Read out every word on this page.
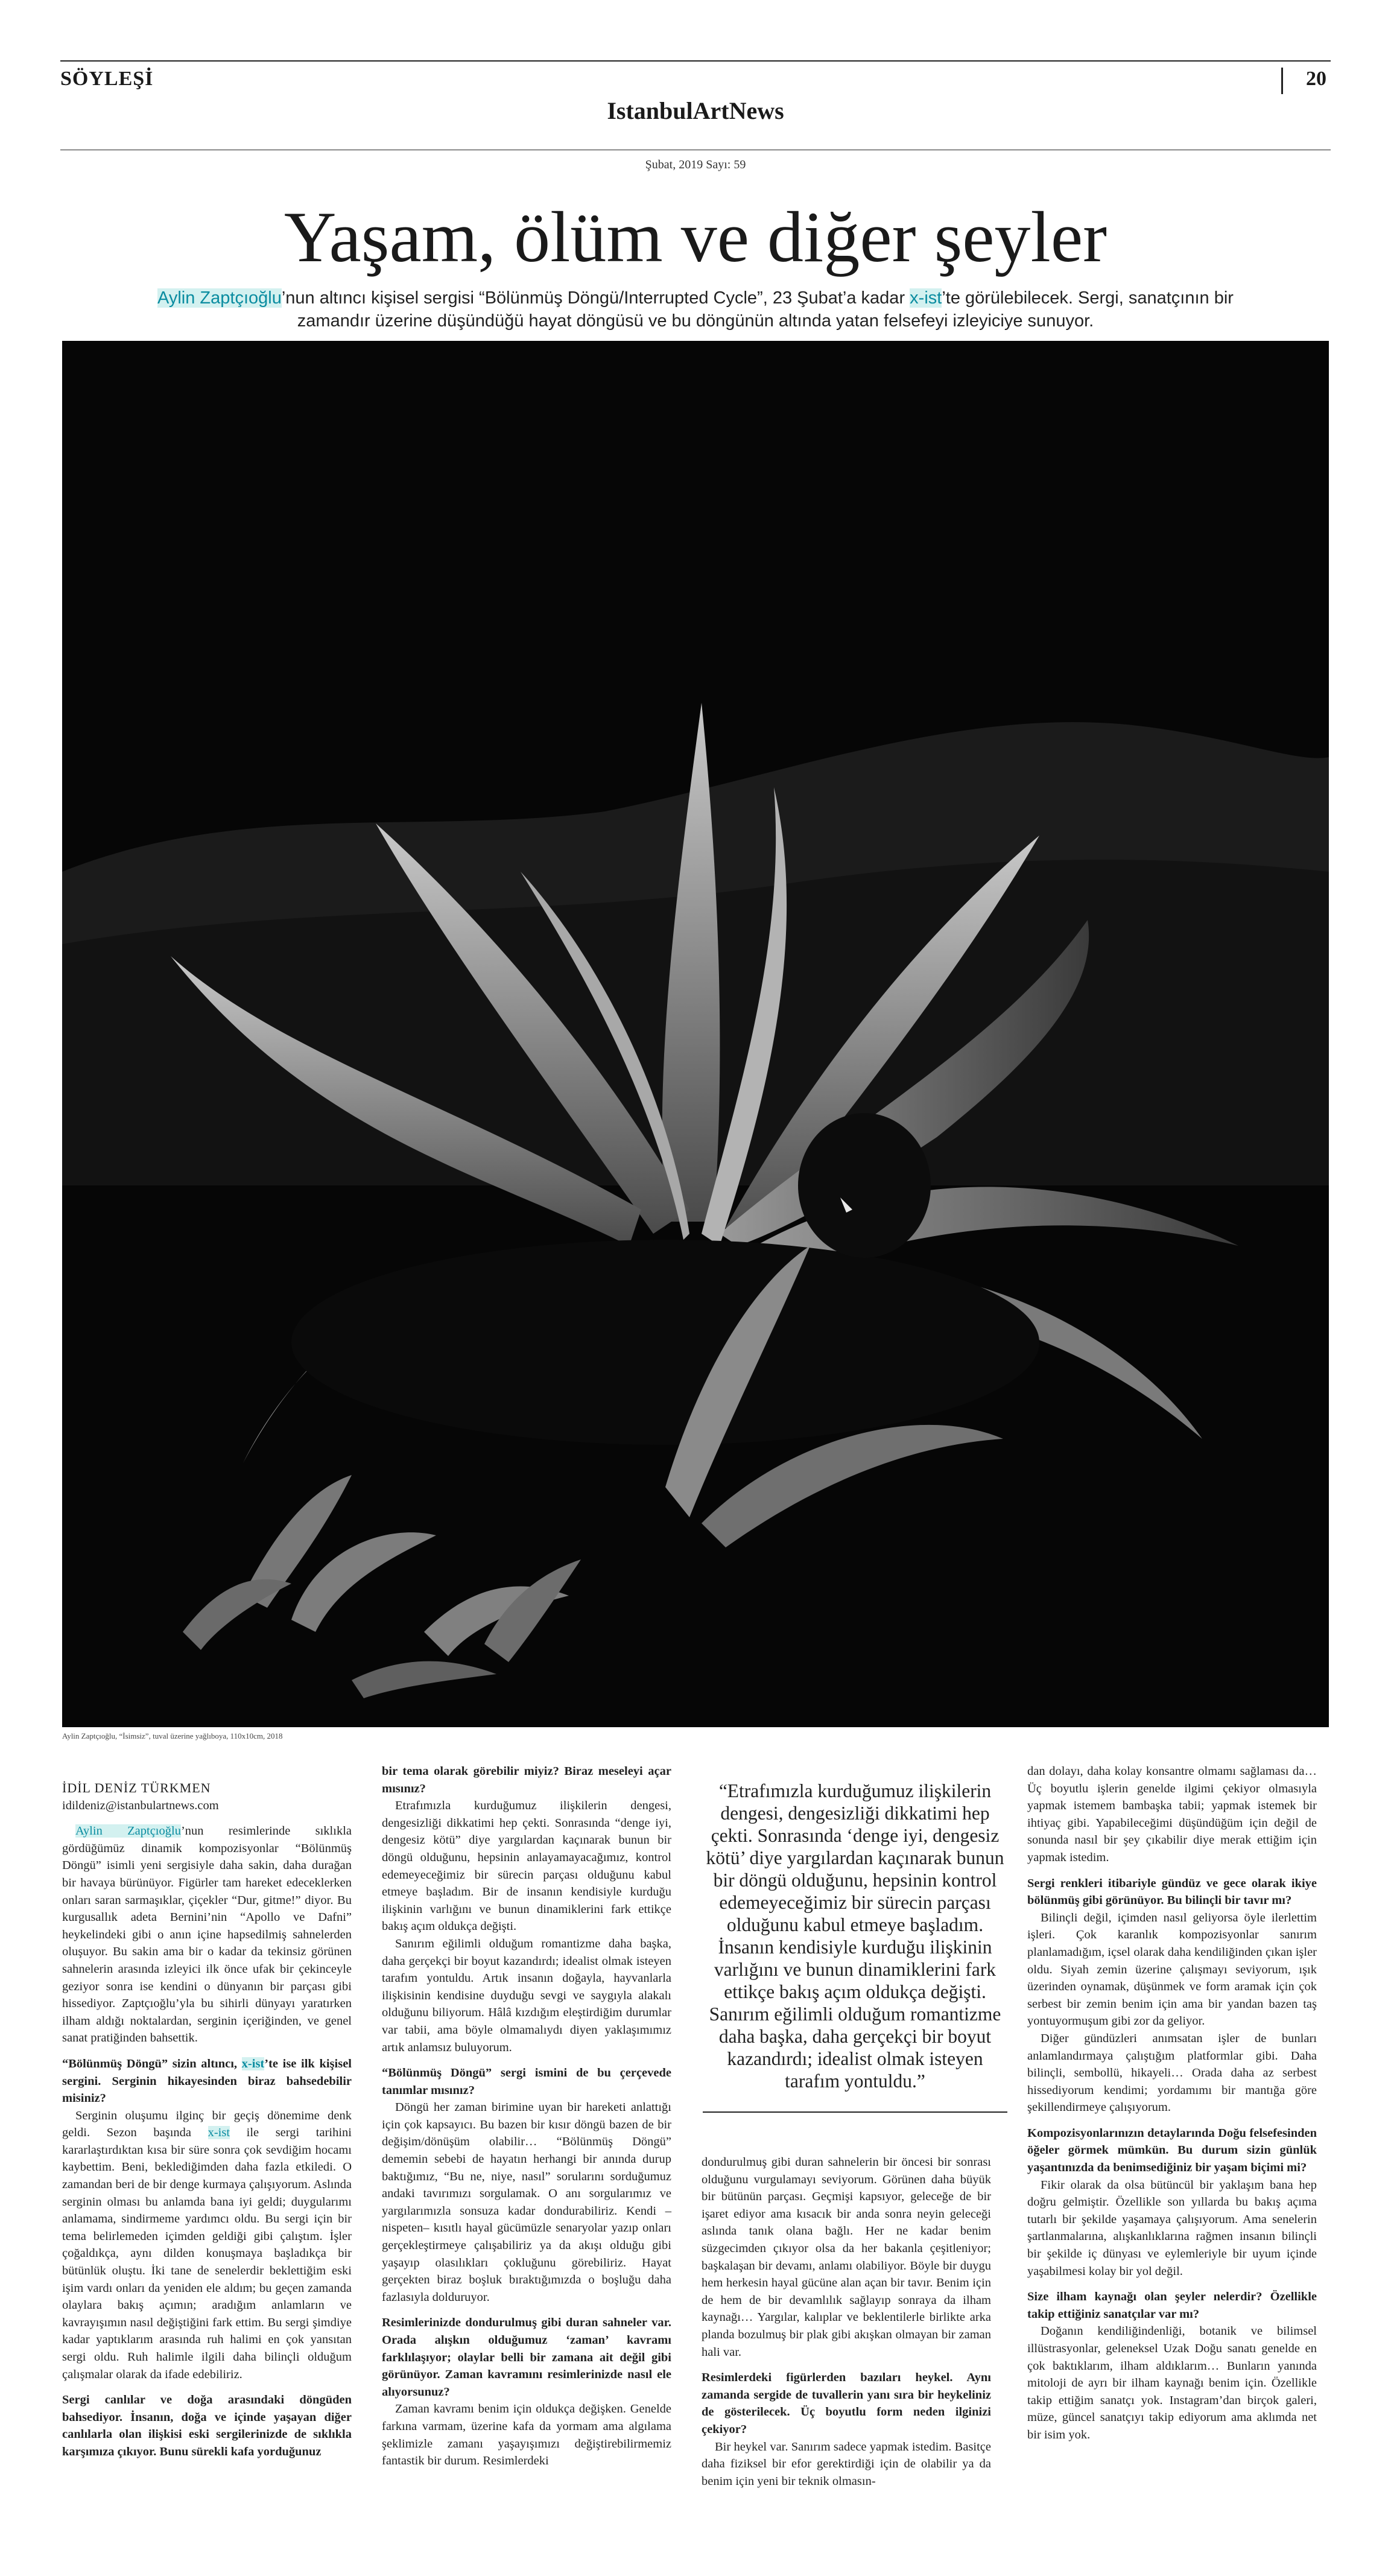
SÖYLEŞİ	20
IstanbulArtNews
Şubat, 2019 Sayı: 59
Yaşam, ölüm ve diğer şeyler
Aylin Zaptçıoğlu’nun altıncı kişisel sergisi “Bölünmüş Döngü/Interrupted Cycle”, 23 Şubat’a kadar x-ist’te görülebilecek. Sergi, sanatçının bir zamandır üzerine düşündüğü hayat döngüsü ve bu döngünün altında yatan felsefeyi izleyiciye sunuyor.
Aylin Zaptçıoğlu, “İsimsiz”, tuval üzerine yağlıboya, 110x10cm, 2018

İDİL DENİZ TÜRKMEN

idildeniz@istanbulartnews.com

Aylin Zaptçıoğlu’nun resimlerinde sıklıkla gördüğümüz dinamik kompozisyonlar “Bölünmüş Döngü” isimli yeni sergisiyle daha sakin, daha durağan bir havaya bürünüyor. Figürler tam hareket edeceklerken onları saran sarmaşıklar, çiçekler “Dur, gitme!” diyor. Bu kurgusallık adeta Bernini’nin “Apollo ve Dafni” heykelindeki gibi o anın içine hapsedilmiş sahnelerden oluşuyor. Bu sakin ama bir o kadar da tekinsiz görünen sahnelerin arasında izleyici ilk önce ufak bir çekinceyle geziyor sonra ise kendini o dünyanın bir parçası gibi hissediyor. Zaptçıoğlu’yla bu sihirli dünyayı yaratırken ilham aldığı noktalardan, serginin içeriğinden, ve genel sanat pratiğinden bahsettik.

“Bölünmüş Döngü” sizin altıncı, x-ist’te ise ilk kişisel sergini. Serginin hikayesinden biraz bahsedebilir misiniz?

Serginin oluşumu ilginç bir geçiş dönemime denk geldi. Sezon başında x-ist ile sergi tarihini kararlaştırdıktan kısa bir süre sonra çok sevdiğim hocamı kaybettim. Beni, beklediğimden daha fazla etkiledi. O zamandan beri de bir denge kurmaya çalışıyorum. Aslında serginin olması bu anlamda bana iyi geldi; duygularımı anlamama, sindirmeme yardımcı oldu. Bu sergi için bir tema belirlemeden içimden geldiği gibi çalıştım. İşler çoğaldıkça, aynı dilden konuşmaya başladıkça bir bütünlük oluştu. İki tane de senelerdir beklettiğim eski işim vardı onları da yeniden ele aldım; bu geçen zamanda olaylara bakış açımın; aradığım anlamların ve kavrayışımın nasıl değiştiğini fark ettim. Bu sergi şimdiye kadar yaptıklarım arasında ruh halimi en çok yansıtan sergi oldu. Ruh halimle ilgili daha bilinçli olduğum çalışmalar olarak da ifade edebiliriz.

Sergi canlılar ve doğa arasındaki döngüden bahsediyor. İnsanın, doğa ve içinde yaşayan diğer canlılarla olan ilişkisi eski sergilerinizde de sıklıkla karşımıza çıkıyor. Bunu sürekli kafa yorduğunuz

bir tema olarak görebilir miyiz? Biraz meseleyi açar mısınız?

Etrafımızla kurduğumuz ilişkilerin dengesi, dengesizliği dikkatimi hep çekti. Sonrasında “denge iyi, dengesiz kötü” diye yargılardan kaçınarak bunun bir döngü olduğunu, hepsinin anlayamayacağımız, kontrol edemeyeceğimiz bir sürecin parçası olduğunu kabul etmeye başladım. Bir de insanın kendisiyle kurduğu ilişkinin varlığını ve bunun dinamiklerini fark ettikçe bakış açım oldukça değişti.

Sanırım eğilimli olduğum romantizme daha başka, daha gerçekçi bir boyut kazandırdı; idealist olmak isteyen tarafım yontuldu. Artık insanın doğayla, hayvanlarla ilişkisinin kendisine duyduğu sevgi ve saygıyla alakalı olduğunu biliyorum. Hâlâ kızdığım eleştirdiğim durumlar var tabii, ama böyle olmamalıydı diyen yaklaşımımız artık anlamsız buluyorum.

“Bölünmüş Döngü” sergi ismini de bu çerçevede tanımlar mısınız?

Döngü her zaman birimine uyan bir hareketi anlattığı için çok kapsayıcı. Bu bazen bir kısır döngü bazen de bir değişim/dönüşüm olabilir… “Bölünmüş Döngü” dememin sebebi de hayatın herhangi bir anında durup baktığımız, “Bu ne, niye, nasıl” sorularını sorduğumuz andaki tavırımızı sorgulamak. O anı sorgularımız ve yargılarımızla sonsuza kadar dondurabiliriz. Kendi –nispeten– kısıtlı hayal gücümüzle senaryolar yazıp onları gerçekleştirmeye çalışabiliriz ya da akışı olduğu gibi yaşayıp olasılıkları çokluğunu görebiliriz. Hayat gerçekten biraz boşluk bıraktığımızda o boşluğu daha fazlasıyla dolduruyor.

Resimlerinizde dondurulmuş gibi duran sahneler var. Orada alışkın olduğumuz ‘zaman’ kavramı farklılaşıyor; olaylar belli bir zamana ait değil gibi görünüyor. Zaman kavramını resimlerinizde nasıl ele alıyorsunuz?

Zaman kavramı benim için oldukça değişken. Genelde farkına varmam, üzerine kafa da yormam ama algılama şeklimizle zamanı yaşayışımızı değiştirebilirmemiz fantastik bir durum. Resimlerdeki

“Etrafımızla kurduğumuz ilişkilerin dengesi, dengesizliği dikkatimi hep çekti. Sonrasında ‘denge iyi, dengesiz kötü’ diye yargılardan kaçınarak bunun bir döngü olduğunu, hepsinin kontrol edemeyeceğimiz bir sürecin parçası olduğunu kabul etmeye başladım. İnsanın kendisiyle kurduğu ilişkinin varlığını ve bunun dinamiklerini fark ettikçe bakış açım oldukça değişti. Sanırım eğilimli olduğum romantizme daha başka, daha gerçekçi bir boyut kazandırdı; idealist olmak isteyen tarafım yontuldu.”

dondurulmuş gibi duran sahnelerin bir öncesi bir sonrası olduğunu vurgulamayı seviyorum. Görünen daha büyük bir bütünün parçası. Geçmişi kapsıyor, geleceğe de bir işaret ediyor ama kısacık bir anda sonra neyin geleceği aslında tanık olana bağlı. Her ne kadar benim süzgecimden çıkıyor olsa da her bakanla çeşitleniyor; başkalaşan bir devamı, anlamı olabiliyor. Böyle bir duygu hem herkesin hayal gücüne alan açan bir tavır. Benim için de hem de bir devamlılık sağlayıp sonraya da ilham kaynağı… Yargılar, kalıplar ve beklentilerle birlikte arka planda bozulmuş bir plak gibi akışkan olmayan bir zaman hali var.

Resimlerdeki figürlerden bazıları heykel. Aynı zamanda sergide de tuvallerin yanı sıra bir heykeliniz de gösterilecek. Üç boyutlu form neden ilginizi çekiyor?

Bir heykel var. Sanırım sadece yapmak istedim. Basitçe daha fiziksel bir efor gerektirdiği için de olabilir ya da benim için yeni bir teknik olmasın-

dan dolayı, daha kolay konsantre olmamı sağlaması da… Üç boyutlu işlerin genelde ilgimi çekiyor olmasıyla yapmak istemem bambaşka tabii; yapmak istemek bir ihtiyaç gibi. Yapabileceğimi düşündüğüm için değil de sonunda nasıl bir şey çıkabilir diye merak ettiğim için yapmak istedim.

Sergi renkleri itibariyle gündüz ve gece olarak ikiye bölünmüş gibi görünüyor. Bu bilinçli bir tavır mı?

Bilinçli değil, içimden nasıl geliyorsa öyle ilerlettim işleri. Çok karanlık kompozisyonlar sanırım planlamadığım, içsel olarak daha kendiliğinden çıkan işler oldu. Siyah zemin üzerine çalışmayı seviyorum, ışık üzerinden oynamak, düşünmek ve form aramak için çok serbest bir zemin benim için ama bir yandan bazen taş yontuyormuşum gibi zor da geliyor.

Diğer gündüzleri anımsatan işler de bunları anlamlandırmaya çalıştığım platformlar gibi. Daha bilinçli, sembollü, hikayeli… Orada daha az serbest hissediyorum kendimi; yordamımı bir mantığa göre şekillendirmeye çalışıyorum.

Kompozisyonlarınızın detaylarında Doğu felsefesinden öğeler görmek mümkün. Bu durum sizin günlük yaşantınızda da benimsediğiniz bir yaşam biçimi mi?

Fikir olarak da olsa bütüncül bir yaklaşım bana hep doğru gelmiştir. Özellikle son yıllarda bu bakış açıma tutarlı bir şekilde yaşamaya çalışıyorum. Ama senelerin şartlanmalarına, alışkanlıklarına rağmen insanın bilinçli bir şekilde iç dünyası ve eylemleriyle bir uyum içinde yaşabilmesi kolay bir yol değil.

Size ilham kaynağı olan şeyler nelerdir? Özellikle takip ettiğiniz sanatçılar var mı?

Doğanın kendiliğindenliği, botanik ve bilimsel illüstrasyonlar, geleneksel Uzak Doğu sanatı genelde en çok baktıklarım, ilham aldıklarım… Bunların yanında mitoloji de ayrı bir ilham kaynağı benim için. Özellikle takip ettiğim sanatçı yok. Instagram’dan birçok galeri, müze, güncel sanatçıyı takip ediyorum ama aklımda net bir isim yok.
